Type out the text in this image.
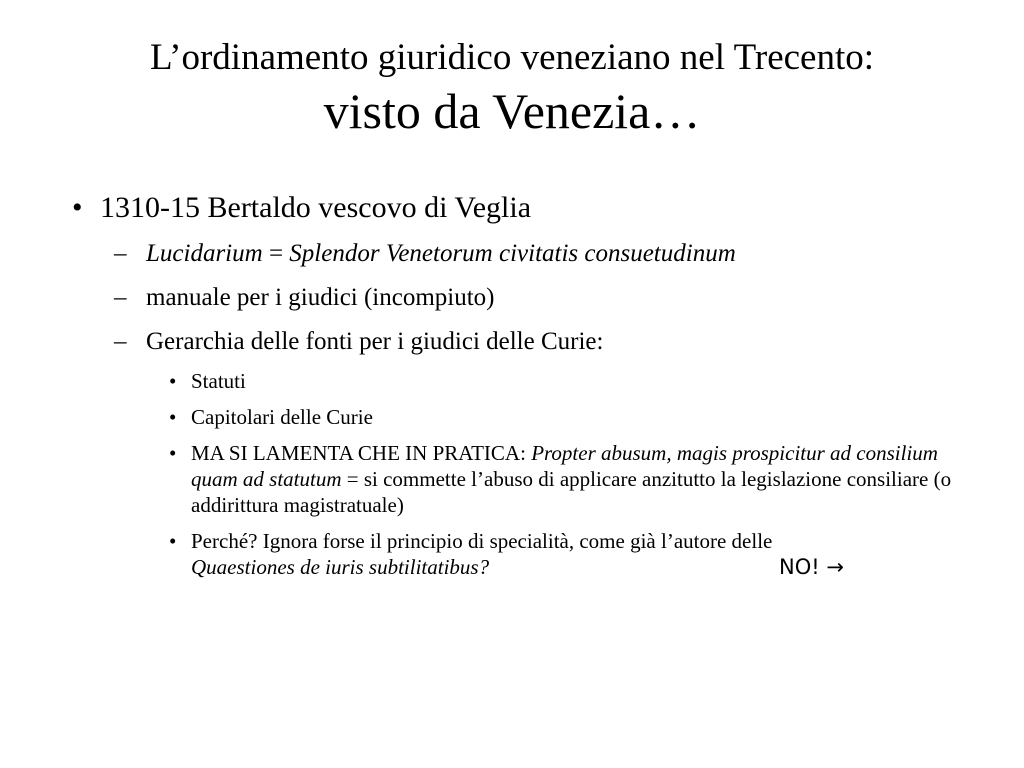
L’ordinamento giuridico veneziano nel Trecento:
visto da Venezia…
• 1310-15 Bertaldo vescovo di Veglia
– Lucidarium = Splendor Venetorum civitatis consuetudinum
– manuale per i giudici (incompiuto)
– Gerarchia delle fonti per i giudici delle Curie:
• Statuti
• Capitolari delle Curie
• MA SI LAMENTA CHE IN PRATICA: Propter abusum, magis prospicitur ad consilium quam ad statutum = si commette l’abuso di applicare anzitutto la legislazione consiliare (o addirittura magistratuale)
• Perché? Ignora forse il principio di specialità, come già l’autore delle Quaestiones de iuris subtilitatibus?	NO! →
